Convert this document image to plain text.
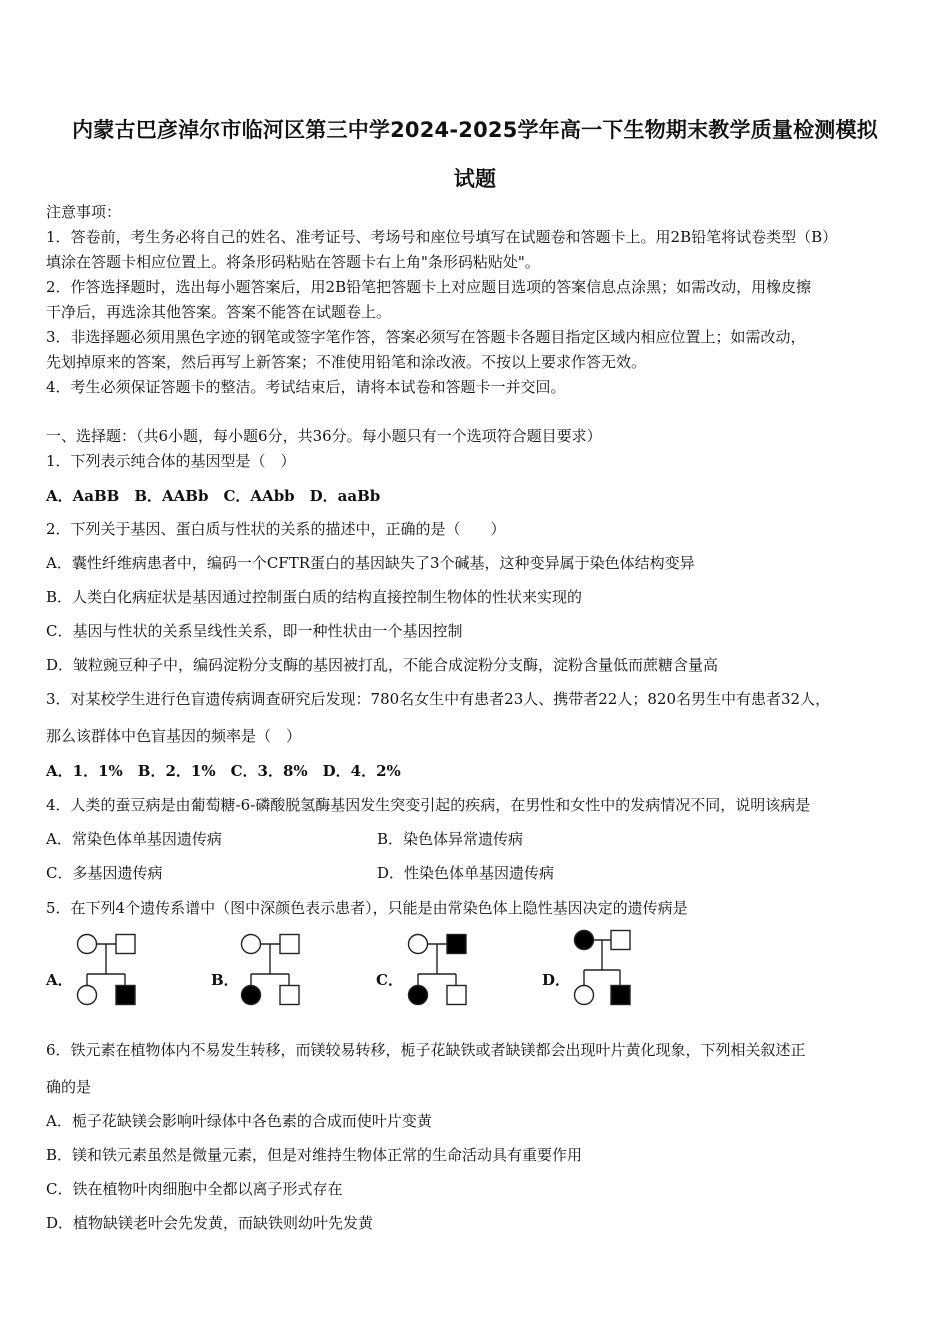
内蒙古巴彦淖尔市临河区第三中学2024-2025学年高一下生物期末教学质量检测模拟
试题
注意事项：
1．答卷前，考生务必将自己的姓名、准考证号、考场号和座位号填写在试题卷和答题卡上。用2B铅笔将试卷类型（B）
填涂在答题卡相应位置上。将条形码粘贴在答题卡右上角"条形码粘贴处"。
2．作答选择题时，选出每小题答案后，用2B铅笔把答题卡上对应题目选项的答案信息点涂黑；如需改动，用橡皮擦
干净后，再选涂其他答案。答案不能答在试题卷上。
3．非选择题必须用黑色字迹的钢笔或签字笔作答，答案必须写在答题卡各题目指定区域内相应位置上；如需改动，
先划掉原来的答案，然后再写上新答案；不准使用铅笔和涂改液。不按以上要求作答无效。
4．考生必须保证答题卡的整洁。考试结束后，请将本试卷和答题卡一并交回。
一、选择题：（共6小题，每小题6分，共36分。每小题只有一个选项符合题目要求）
1．下列表示纯合体的基因型是（　）
A．AaBB　B．AABb　C．AAbb　D．aaBb
2．下列关于基因、蛋白质与性状的关系的描述中，正确的是（　　）
A．囊性纤维病患者中，编码一个CFTR蛋白的基因缺失了3个碱基，这种变异属于染色体结构变异
B．人类白化病症状是基因通过控制蛋白质的结构直接控制生物体的性状来实现的
C．基因与性状的关系呈线性关系，即一种性状由一个基因控制
D．皱粒豌豆种子中，编码淀粉分支酶的基因被打乱，不能合成淀粉分支酶，淀粉含量低而蔗糖含量高
3．对某校学生进行色盲遗传病调查研究后发现：780名女生中有患者23人、携带者22人；820名男生中有患者32人，
那么该群体中色盲基因的频率是（　）
A．1．1%　B．2．1%　C．3．8%　D．4．2%
4．人类的蚕豆病是由葡萄糖-6-磷酸脱氢酶基因发生突变引起的疾病，在男性和女性中的发病情况不同，说明该病是
A．常染色体单基因遗传病	B．染色体异常遗传病
C．多基因遗传病	D．性染色体单基因遗传病
5．在下列4个遗传系谱中（图中深颜色表示患者），只能是由常染色体上隐性基因决定的遗传病是
A．	B．	C．	D．
6．铁元素在植物体内不易发生转移，而镁较易转移，栀子花缺铁或者缺镁都会出现叶片黄化现象，下列相关叙述正
确的是
A．栀子花缺镁会影响叶绿体中各色素的合成而使叶片变黄
B．镁和铁元素虽然是微量元素，但是对维持生物体正常的生命活动具有重要作用
C．铁在植物叶肉细胞中全都以离子形式存在
D．植物缺镁老叶会先发黄，而缺铁则幼叶先发黄
